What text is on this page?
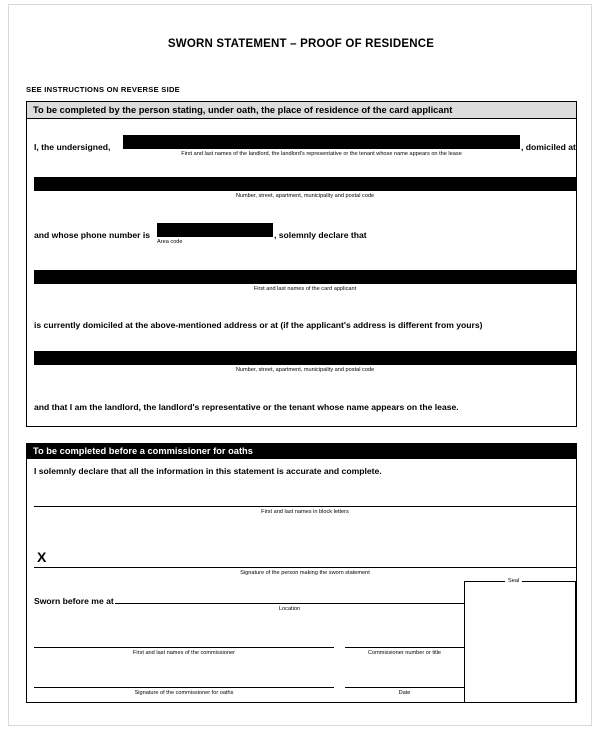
SWORN STATEMENT – PROOF OF RESIDENCE
SEE INSTRUCTIONS ON REVERSE SIDE
To be completed by the person stating, under oath, the place of residence of the card applicant
I, the undersigned,	, domiciled at
First and last names of the landlord, the landlord's representative or the tenant whose name appears on the lease
Number, street, apartment, municipality and postal code
and whose phone number is	, solemnly declare that
Area code
First and last names of the card applicant
is currently domiciled at the above-mentioned address or at (if the applicant's address is different from yours)
Number, street, apartment, municipality and postal code
and that I am the landlord, the landlord's representative or the tenant whose name appears on the lease.
To be completed before a commissioner for oaths
I solemnly declare that all the information in this statement is accurate and complete.
First and last names in block letters
X
Signature of the person making the sworn statement
Sworn before me at
Location
First and last names of the commissioner	Commissioner number or title
Signature of the commissioner for oaths	Date
Seal
